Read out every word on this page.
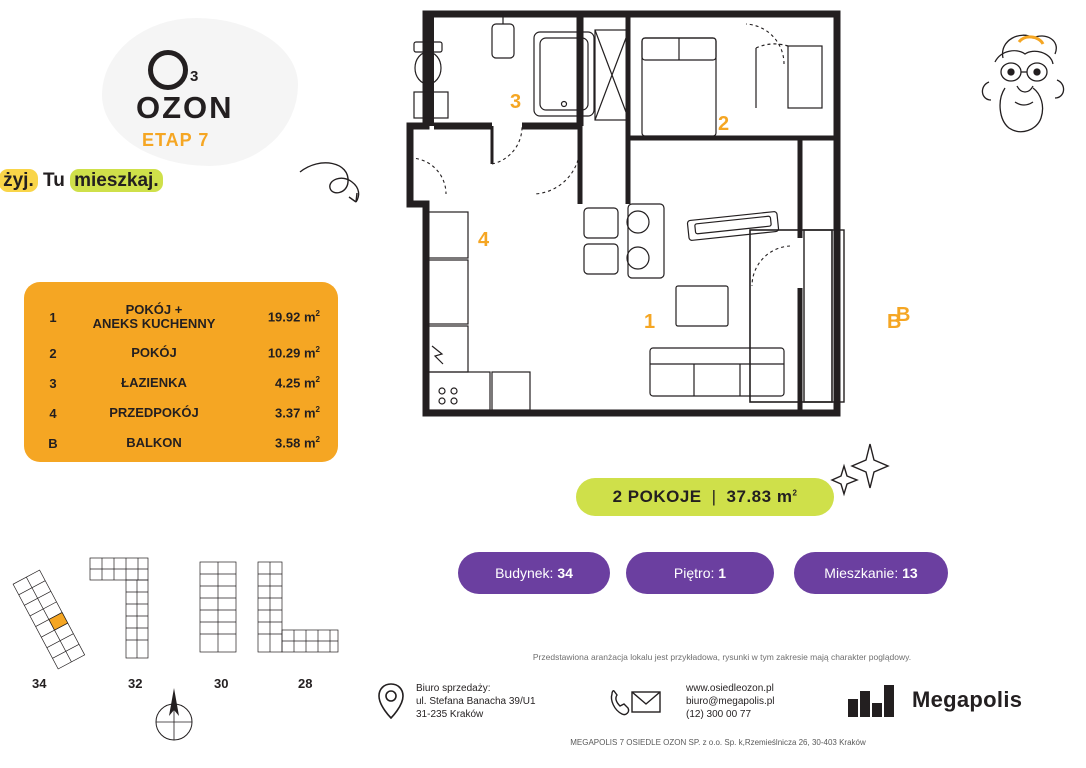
3
OZON
ETAP 7
żyj. Tu mieszkaj.
1	POKÓJ +
ANEKS KUCHENNY	19.92 $m^2$
2	POKÓJ	10.29 $m^2$
3	ŁAZIENKA	4.25 $m^2$
4	PRZEDPOKÓJ	3.37 $m^2$
B	BALKON	3.58 $m^2$
3
2
4
1	B
B
2 POKOJE | 37.83 $m^2$
Budynek:
34	Piętro:
1	Mieszkanie:
13
34	32	30	28
Przedstawiona aranżacja lokalu jest przykładowa, rysunki w tym zakresie mają charakter poglądowy.
Biuro sprzedaży:
ul. Stefana Banacha 39/U1
31-235 Kraków
www.osiedleozon.pl
biuro@megapolis.pl
(12) 300 00 77
Megapolis
MEGAPOLIS 7 OSIEDLE OZON SP. z o.o. Sp. k,Rzemieślnicza 26, 30-403 Kraków
